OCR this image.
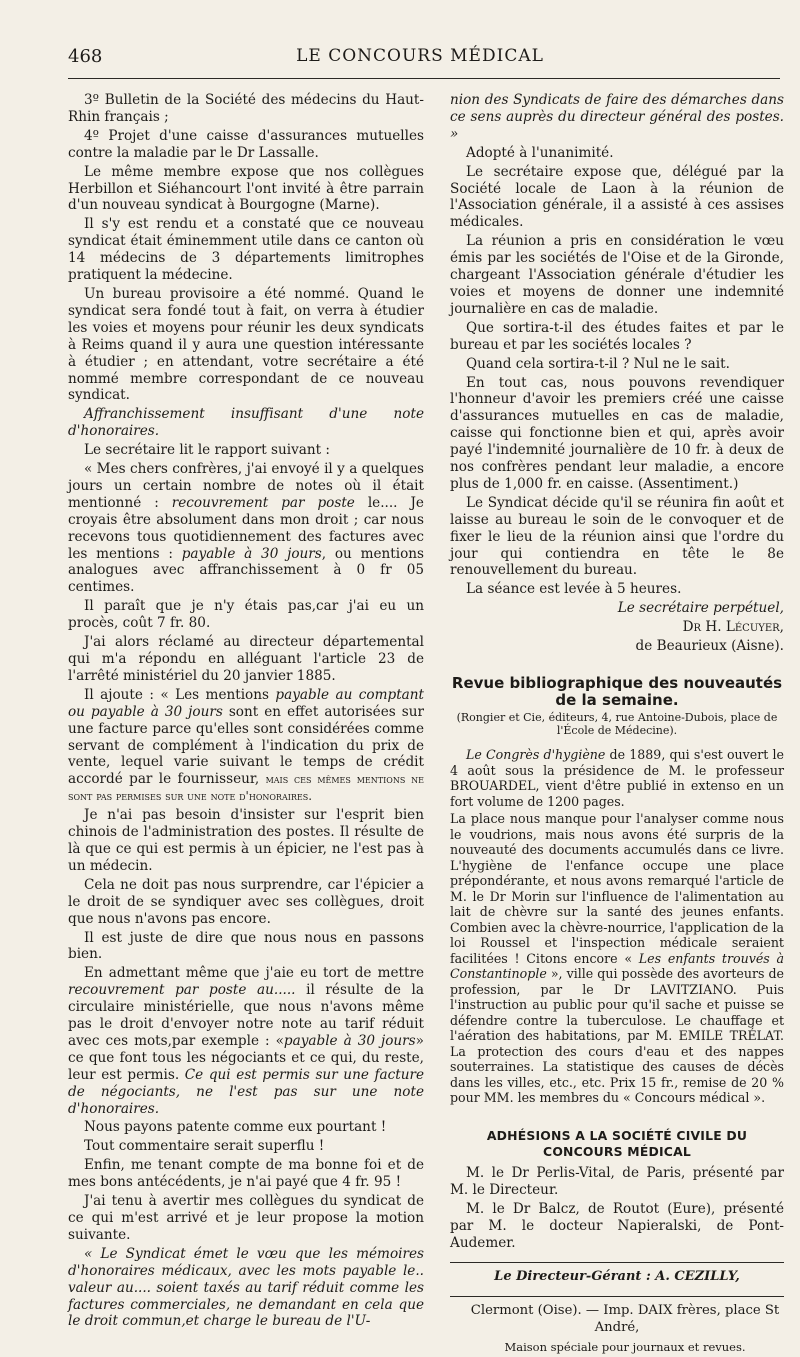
468	LE CONCOURS MÉDICAL

3º Bulletin de la Société des médecins du Haut-Rhin français ;

4º Projet d'une caisse d'assurances mutuelles contre la maladie par le Dr Lassalle.

Le même membre expose que nos collègues Herbillon et Siéhancourt l'ont invité à être parrain d'un nouveau syndicat à Bourgogne (Marne).

Il s'y est rendu et a constaté que ce nouveau syndicat était éminemment utile dans ce canton où 14 médecins de 3 départements limitrophes pratiquent la médecine.

Un bureau provisoire a été nommé. Quand le syndicat sera fondé tout à fait, on verra à étudier les voies et moyens pour réunir les deux syndicats à Reims quand il y aura une question intéressante à étudier ; en attendant, votre secrétaire a été nommé membre correspondant de ce nouveau syndicat.

Affranchissement insuffisant d'une note d'honoraires.

Le secrétaire lit le rapport suivant :

« Mes chers confrères, j'ai envoyé il y a quelques jours un certain nombre de notes où il était mentionné : recouvrement par poste le.... Je croyais être absolument dans mon droit ; car nous recevons tous quotidiennement des factures avec les mentions : payable à 30 jours, ou mentions analogues avec affranchissement à 0 fr 05 centimes.

Il paraît que je n'y étais pas,car j'ai eu un procès, coût 7 fr. 80.

J'ai alors réclamé au directeur départemental qui m'a répondu en alléguant l'article 23 de l'arrêté ministériel du 20 janvier 1885.

Il ajoute : « Les mentions payable au comptant ou payable à 30 jours sont en effet autorisées sur une facture parce qu'elles sont considérées comme servant de complément à l'indication du prix de vente, lequel varie suivant le temps de crédit accordé par le fournisseur, mais ces mêmes mentions ne sont pas permises sur une note d'honoraires.

Je n'ai pas besoin d'insister sur l'esprit bien chinois de l'administration des postes. Il résulte de là que ce qui est permis à un épicier, ne l'est pas à un médecin.

Cela ne doit pas nous surprendre, car l'épicier a le droit de se syndiquer avec ses collègues, droit que nous n'avons pas encore.

Il est juste de dire que nous nous en passons bien.

En admettant même que j'aie eu tort de mettre recouvrement par poste au..... il résulte de la circulaire ministérielle, que nous n'avons même pas le droit d'envoyer notre note au tarif réduit avec ces mots,par exemple : «payable à 30 jours» ce que font tous les négociants et ce qui, du reste, leur est permis. Ce qui est permis sur une facture de négociants, ne l'est pas sur une note d'honoraires.

Nous payons patente comme eux pourtant !

Tout commentaire serait superflu !

Enfin, me tenant compte de ma bonne foi et de mes bons antécédents, je n'ai payé que 4 fr. 95 !

J'ai tenu à avertir mes collègues du syndicat de ce qui m'est arrivé et je leur propose la motion suivante.

« Le Syndicat émet le vœu que les mémoires d'honoraires médicaux, avec les mots payable le.. valeur au.... soient taxés au tarif réduit comme les factures commerciales, ne demandant en cela que le droit commun,et charge le bureau de l'U-

nion des Syndicats de faire des démarches dans ce sens auprès du directeur général des postes. »

Adopté à l'unanimité.

Le secrétaire expose que, délégué par la Société locale de Laon à la réunion de l'Association générale, il a assisté à ces assises médicales.

La réunion a pris en considération le vœu émis par les sociétés de l'Oise et de la Gironde, chargeant l'Association générale d'étudier les voies et moyens de donner une indemnité journalière en cas de maladie.

Que sortira-t-il des études faites et par le bureau et par les sociétés locales ?

Quand cela sortira-t-il ? Nul ne le sait.

En tout cas, nous pouvons revendiquer l'honneur d'avoir les premiers créé une caisse d'assurances mutuelles en cas de maladie, caisse qui fonctionne bien et qui, après avoir payé l'indemnité journalière de 10 fr. à deux de nos confrères pendant leur maladie, a encore plus de 1,000 fr. en caisse. (Assentiment.)

Le Syndicat décide qu'il se réunira fin août et laisse au bureau le soin de le convoquer et de fixer le lieu de la réunion ainsi que l'ordre du jour qui contiendra en tête le 8e renouvellement du bureau.

La séance est levée à 5 heures.

Le secrétaire perpétuel,

Dr H. Lécuyer,

de Beaurieux (Aisne).

Revue bibliographique des nouveautés de la semaine.
(Rongier et Cie, éditeurs, 4, rue Antoine-Dubois, place de l'École de Médecine).

Le Congrès d'hygiène de 1889, qui s'est ouvert le 4 août sous la présidence de M. le professeur BROUARDEL, vient d'être publié in extenso en un fort volume de 1200 pages.

La place nous manque pour l'analyser comme nous le voudrions, mais nous avons été surpris de la nouveauté des documents accumulés dans ce livre. L'hygiène de l'enfance occupe une place prépondérante, et nous avons remarqué l'article de M. le Dr Morin sur l'influence de l'alimentation au lait de chèvre sur la santé des jeunes enfants. Combien avec la chèvre-nourrice, l'application de la loi Roussel et l'inspection médicale seraient facilitées ! Citons encore « Les enfants trouvés à Constantinople », ville qui possède des avorteurs de profession, par le Dr LAVITZIANO. Puis l'instruction au public pour qu'il sache et puisse se défendre contre la tuberculose. Le chauffage et l'aération des habitations, par M. EMILE TRÉLAT. La protection des cours d'eau et des nappes souterraines. La statistique des causes de décès dans les villes, etc., etc. Prix 15 fr., remise de 20 % pour MM. les membres du « Concours médical ».

ADHÉSIONS A LA SOCIÉTÉ CIVILE DU CONCOURS MÉDICAL

M. le Dr Perlis-Vital, de Paris, présenté par M. le Directeur.

M. le Dr Balcz, de Routot (Eure), présenté par M. le docteur Napieralski, de Pont-Audemer.

Le Directeur-Gérant : A. CEZILLY,

Clermont (Oise). — Imp. DAIX frères, place St André,

Maison spéciale pour journaux et revues.
